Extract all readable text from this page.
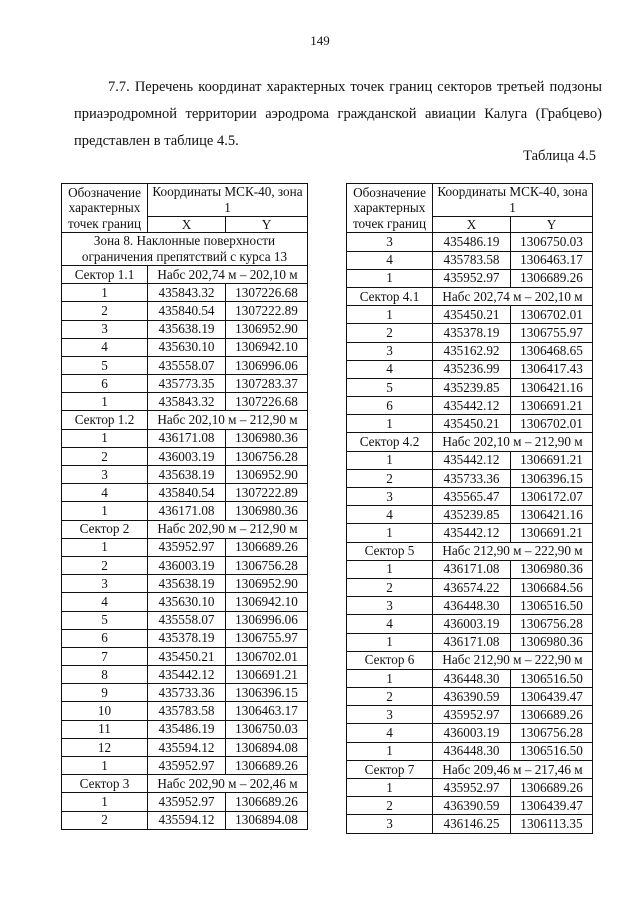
149
7.7. Перечень координат характерных точек границ секторов третьей подзоны приаэродромной территории аэродрома гражданской авиации Калуга (Грабцево) представлен в таблице 4.5.
Таблица 4.5
Обозначение характерных точек границ	Координаты МСК-40, зона 1	
	X	Y
Зона 8. Наклонные поверхности ограничения препятствий с курса 13		
Сектор 1.1	Набс 202,74 м – 202,10 м	
1	435843.32	1307226.68
2	435840.54	1307222.89
3	435638.19	1306952.90
4	435630.10	1306942.10
5	435558.07	1306996.06
6	435773.35	1307283.37
1	435843.32	1307226.68
Сектор 1.2	Набс 202,10 м – 212,90 м	
1	436171.08	1306980.36
2	436003.19	1306756.28
3	435638.19	1306952.90
4	435840.54	1307222.89
1	436171.08	1306980.36
Сектор 2	Набс 202,90 м – 212,90 м	
1	435952.97	1306689.26
2	436003.19	1306756.28
3	435638.19	1306952.90
4	435630.10	1306942.10
5	435558.07	1306996.06
6	435378.19	1306755.97
7	435450.21	1306702.01
8	435442.12	1306691.21
9	435733.36	1306396.15
10	435783.58	1306463.17
11	435486.19	1306750.03
12	435594.12	1306894.08
1	435952.97	1306689.26
Сектор 3	Набс 202,90 м – 202,46 м	
1	435952.97	1306689.26
2	435594.12	1306894.08
Обозначение характерных точек границ	Координаты МСК-40, зона 1	
	X	Y
3	435486.19	1306750.03
4	435783.58	1306463.17
1	435952.97	1306689.26
Сектор 4.1	Набс 202,74 м – 202,10 м	
1	435450.21	1306702.01
2	435378.19	1306755.97
3	435162.92	1306468.65
4	435236.99	1306417.43
5	435239.85	1306421.16
6	435442.12	1306691.21
1	435450.21	1306702.01
Сектор 4.2	Набс 202,10 м – 212,90 м	
1	435442.12	1306691.21
2	435733.36	1306396.15
3	435565.47	1306172.07
4	435239.85	1306421.16
1	435442.12	1306691.21
Сектор 5	Набс 212,90 м – 222,90 м	
1	436171.08	1306980.36
2	436574.22	1306684.56
3	436448.30	1306516.50
4	436003.19	1306756.28
1	436171.08	1306980.36
Сектор 6	Набс 212,90 м – 222,90 м	
1	436448.30	1306516.50
2	436390.59	1306439.47
3	435952.97	1306689.26
4	436003.19	1306756.28
1	436448.30	1306516.50
Сектор 7	Набс 209,46 м – 217,46 м	
1	435952.97	1306689.26
2	436390.59	1306439.47
3	436146.25	1306113.35
